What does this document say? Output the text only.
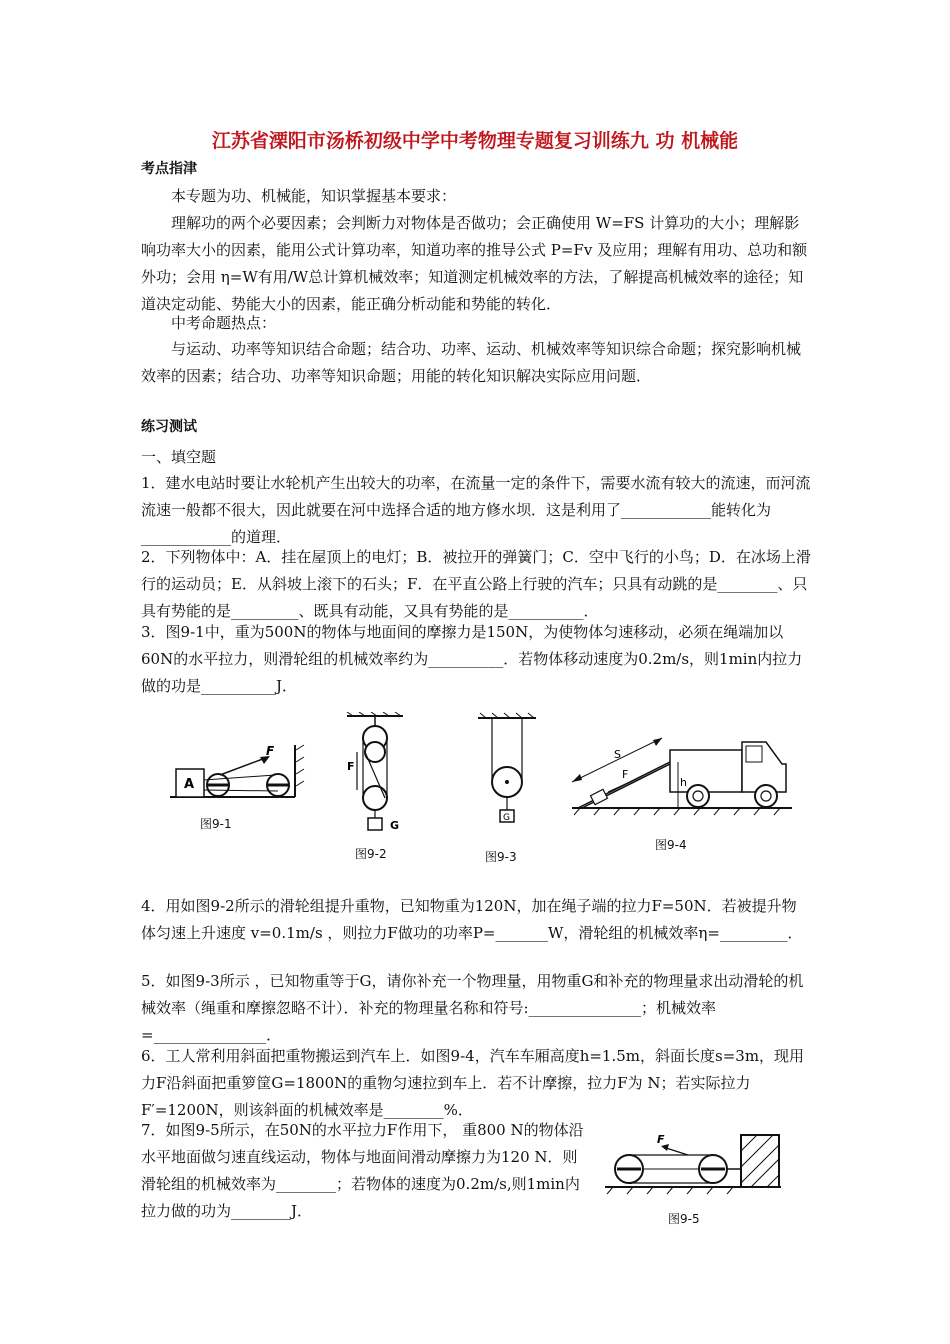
江苏省溧阳市汤桥初级中学中考物理专题复习训练九 功 机械能
考点指津
本专题为功、机械能，知识掌握基本要求：
理解功的两个必要因素；会判断力对物体是否做功；会正确使用 W=FS 计算功的大小；理解影响功率大小的因素，能用公式计算功率，知道功率的推导公式 P=Fv 及应用；理解有用功、总功和额外功；会用 η=W有用/W总计算机械效率；知道测定机械效率的方法，了解提高机械效率的途径；知道决定动能、势能大小的因素，能正确分析动能和势能的转化．
中考命题热点：
与运动、功率等知识结合命题；结合功、功率、运动、机械效率等知识综合命题；探究影响机械效率的因素；结合功、功率等知识命题；用能的转化知识解决实际应用问题．
练习测试
一、填空题
1．建水电站时要让水轮机产生出较大的功率，在流量一定的条件下，需要水流有较大的流速，而河流流速一般都不很大，因此就要在河中选择合适的地方修水坝．这是利用了____________能转化为____________的道理．
2．下列物体中：A．挂在屋顶上的电灯；B．被拉开的弹簧门；C．空中飞行的小鸟；D．在冰场上滑行的运动员；E．从斜坡上滚下的石头；F．在平直公路上行驶的汽车；只具有动跳的是________、只具有势能的是_________、既具有动能，又具有势能的是__________．
3．图9-1中，重为500N的物体与地面间的摩擦力是150N，为使物体匀速移动，必须在绳端加以60N的水平拉力，则滑轮组的机械效率约为__________．若物体移动速度为0.2m/s，则1min内拉力做的功是__________J．
A
F
图9-1
F
G
图9-2
G
图9-3
F
S
h
图9-4
4．用如图9-2所示的滑轮组提升重物，已知物重为120N，加在绳子端的拉力F=50N．若被提升物体匀速上升速度 v=0.1m/s ，则拉力F做功的功率P=_______W，滑轮组的机械效率η=_________．
5．如图9-3所示 ，已知物重等于G，请你补充一个物理量，用物重G和补充的物理量求出动滑轮的机械效率（绳重和摩擦忽略不计）．补充的物理量名称和符号:_______________；机械效率=_______________．
6．工人常利用斜面把重物搬运到汽车上．如图9-4，汽车车厢高度h=1.5m，斜面长度s=3m，现用力F沿斜面把重箩筐G=1800N的重物匀速拉到车上．若不计摩擦，拉力F为 N；若实际拉力F′=1200N，则该斜面的机械效率是________%．
7．如图9-5所示，在50N的水平拉力F作用下， 重800 N的物体沿水平地面做匀速直线运动，物体与地面间滑动摩擦力为120 N．则滑轮组的机械效率为________；若物体的速度为0.2m/s,则1min内拉力做的功为________J．
F
图9-5
